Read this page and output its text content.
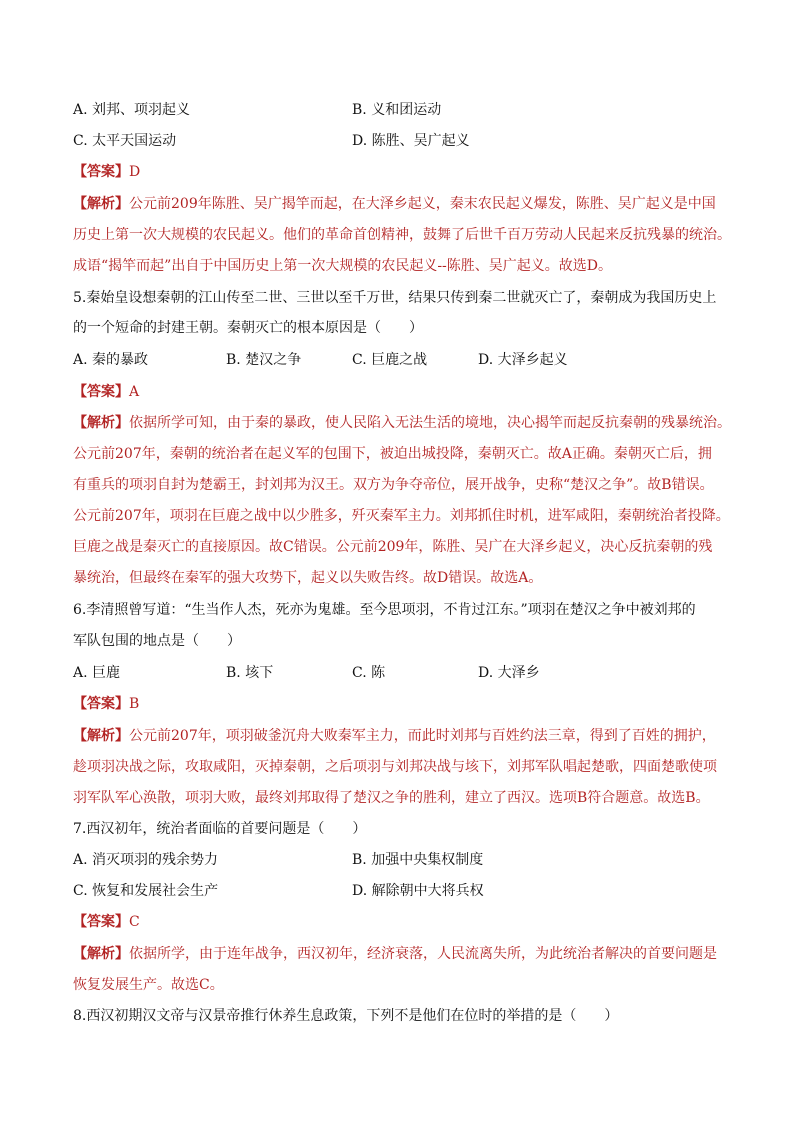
A. 刘邦、项羽起义	B. 义和团运动
C. 太平天国运动	D. 陈胜、吴广起义
【答案】D
【解析】公元前209年陈胜、吴广揭竿而起，在大泽乡起义，秦末农民起义爆发，陈胜、吴广起义是中国
历史上第一次大规模的农民起义。他们的革命首创精神，鼓舞了后世千百万劳动人民起来反抗残暴的统治。
成语“揭竿而起”出自于中国历史上第一次大规模的农民起义--陈胜、吴广起义。故选D。
5.秦始皇设想秦朝的江山传至二世、三世以至千万世，结果只传到秦二世就灭亡了，秦朝成为我国历史上
的一个短命的封建王朝。秦朝灭亡的根本原因是（　　）
A. 秦的暴政	B. 楚汉之争	C. 巨鹿之战	D. 大泽乡起义
【答案】A
【解析】依据所学可知，由于秦的暴政，使人民陷入无法生活的境地，决心揭竿而起反抗秦朝的残暴统治。
公元前207年，秦朝的统治者在起义军的包围下，被迫出城投降，秦朝灭亡。故A正确。秦朝灭亡后，拥
有重兵的项羽自封为楚霸王，封刘邦为汉王。双方为争夺帝位，展开战争，史称“楚汉之争”。故B错误。
公元前207年，项羽在巨鹿之战中以少胜多，歼灭秦军主力。刘邦抓住时机，进军咸阳，秦朝统治者投降。
巨鹿之战是秦灭亡的直接原因。故C错误。公元前209年，陈胜、吴广在大泽乡起义，决心反抗秦朝的残
暴统治，但最终在秦军的强大攻势下，起义以失败告终。故D错误。故选A。
6.李清照曾写道：“生当作人杰，死亦为鬼雄。至今思项羽，不肯过江东。”项羽在楚汉之争中被刘邦的
军队包围的地点是（　　）
A. 巨鹿	B. 垓下	C. 陈	D. 大泽乡
【答案】B
【解析】公元前207年，项羽破釜沉舟大败秦军主力，而此时刘邦与百姓约法三章，得到了百姓的拥护，
趁项羽决战之际，攻取咸阳，灭掉秦朝，之后项羽与刘邦决战与垓下，刘邦军队唱起楚歌，四面楚歌使项
羽军队军心涣散，项羽大败，最终刘邦取得了楚汉之争的胜利，建立了西汉。选项B符合题意。故选B。
7.西汉初年，统治者面临的首要问题是（　　）
A. 消灭项羽的残余势力	B. 加强中央集权制度
C. 恢复和发展社会生产	D. 解除朝中大将兵权
【答案】C
【解析】依据所学，由于连年战争，西汉初年，经济衰落，人民流离失所，为此统治者解决的首要问题是
恢复发展生产。故选C。
8.西汉初期汉文帝与汉景帝推行休养生息政策，下列不是他们在位时的举措的是（　　）
